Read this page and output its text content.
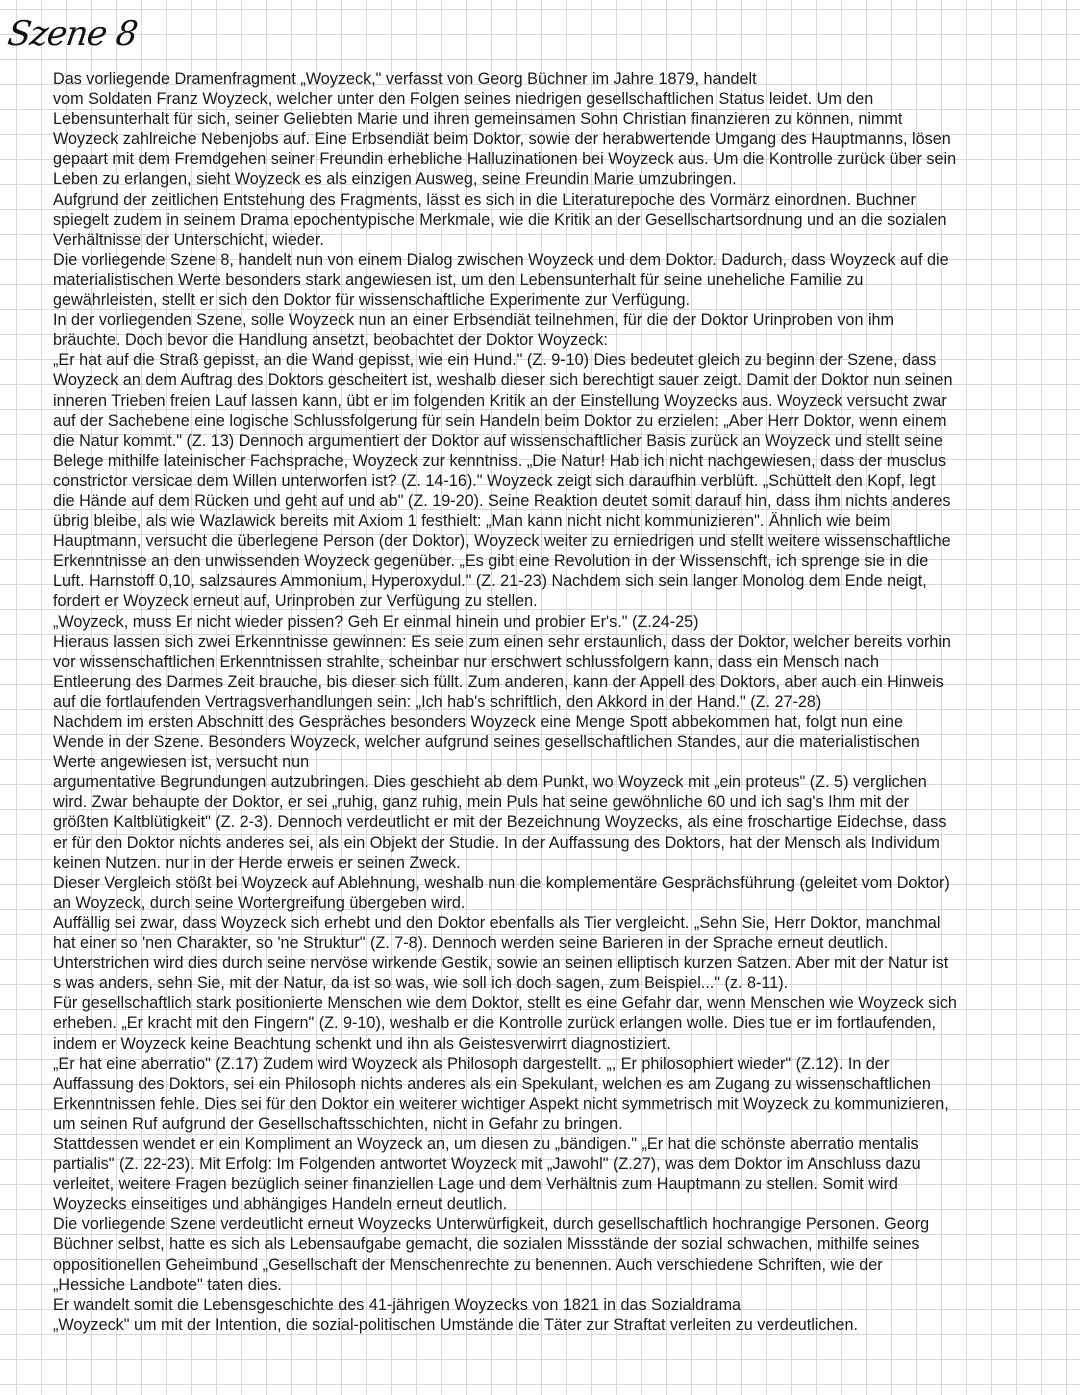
Szene 8
Das vorliegende Dramenfragment „Woyzeck," verfasst von Georg Büchner im Jahre 1879, handelt
vom Soldaten Franz Woyzeck, welcher unter den Folgen seines niedrigen gesellschaftlichen Status leidet. Um den
Lebensunterhalt für sich, seiner Geliebten Marie und ihren gemeinsamen Sohn Christian finanzieren zu können, nimmt
Woyzeck zahlreiche Nebenjobs auf. Eine Erbsendiät beim Doktor, sowie der herabwertende Umgang des Hauptmanns, lösen
gepaart mit dem Fremdgehen seiner Freundin erhebliche Halluzinationen bei Woyzeck aus. Um die Kontrolle zurück über sein
Leben zu erlangen, sieht Woyzeck es als einzigen Ausweg, seine Freundin Marie umzubringen.
Aufgrund der zeitlichen Entstehung des Fragments, lässt es sich in die Literaturepoche des Vormärz einordnen. Buchner
spiegelt zudem in seinem Drama epochentypische Merkmale, wie die Kritik an der Gesellschartsordnung und an die sozialen
Verhältnisse der Unterschicht, wieder.
Die vorliegende Szene 8, handelt nun von einem Dialog zwischen Woyzeck und dem Doktor. Dadurch, dass Woyzeck auf die
materialistischen Werte besonders stark angewiesen ist, um den Lebensunterhalt für seine uneheliche Familie zu
gewährleisten, stellt er sich den Doktor für wissenschaftliche Experimente zur Verfügung.
In der vorliegenden Szene, solle Woyzeck nun an einer Erbsendiät teilnehmen, für die der Doktor Urinproben von ihm
bräuchte. Doch bevor die Handlung ansetzt, beobachtet der Doktor Woyzeck:
„Er hat auf die Straß gepisst, an die Wand gepisst, wie ein Hund." (Z. 9-10) Dies bedeutet gleich zu beginn der Szene, dass
Woyzeck an dem Auftrag des Doktors gescheitert ist, weshalb dieser sich berechtigt sauer zeigt. Damit der Doktor nun seinen
inneren Trieben freien Lauf lassen kann, übt er im folgenden Kritik an der Einstellung Woyzecks aus. Woyzeck versucht zwar
auf der Sachebene eine logische Schlussfolgerung für sein Handeln beim Doktor zu erzielen: „Aber Herr Doktor, wenn einem
die Natur kommt." (Z. 13) Dennoch argumentiert der Doktor auf wissenschaftlicher Basis zurück an Woyzeck und stellt seine
Belege mithilfe lateinischer Fachsprache, Woyzeck zur kenntniss. „Die Natur! Hab ich nicht nachgewiesen, dass der musclus
constrictor versicae dem Willen unterworfen ist? (Z. 14-16)." Woyzeck zeigt sich daraufhin verblüft. „Schüttelt den Kopf, legt
die Hände auf dem Rücken und geht auf und ab" (Z. 19-20). Seine Reaktion deutet somit darauf hin, dass ihm nichts anderes
übrig bleibe, als wie Wazlawick bereits mit Axiom 1 festhielt: „Man kann nicht nicht kommunizieren". Ähnlich wie beim
Hauptmann, versucht die überlegene Person (der Doktor), Woyzeck weiter zu erniedrigen und stellt weitere wissenschaftliche
Erkenntnisse an den unwissenden Woyzeck gegenüber. „Es gibt eine Revolution in der Wissenschft, ich sprenge sie in die
Luft. Harnstoff 0,10, salzsaures Ammonium, Hyperoxydul." (Z. 21-23) Nachdem sich sein langer Monolog dem Ende neigt,
fordert er Woyzeck erneut auf, Urinproben zur Verfügung zu stellen.
„Woyzeck, muss Er nicht wieder pissen? Geh Er einmal hinein und probier Er's." (Z.24-25)
Hieraus lassen sich zwei Erkenntnisse gewinnen: Es seie zum einen sehr erstaunlich, dass der Doktor, welcher bereits vorhin
vor wissenschaftlichen Erkenntnissen strahlte, scheinbar nur erschwert schlussfolgern kann, dass ein Mensch nach
Entleerung des Darmes Zeit brauche, bis dieser sich füllt. Zum anderen, kann der Appell des Doktors, aber auch ein Hinweis
auf die fortlaufenden Vertragsverhandlungen sein: „Ich hab's schriftlich, den Akkord in der Hand." (Z. 27-28)
Nachdem im ersten Abschnitt des Gespräches besonders Woyzeck eine Menge Spott abbekommen hat, folgt nun eine
Wende in der Szene. Besonders Woyzeck, welcher aufgrund seines gesellschaftlichen Standes, aur die materialistischen
Werte angewiesen ist, versucht nun
argumentative Begrundungen autzubringen. Dies geschieht ab dem Punkt, wo Woyzeck mit „ein proteus" (Z. 5) verglichen
wird. Zwar behaupte der Doktor, er sei „ruhig, ganz ruhig, mein Puls hat seine gewöhnliche 60 und ich sag's Ihm mit der
größten Kaltblütigkeit" (Z. 2-3). Dennoch verdeutlicht er mit der Bezeichnung Woyzecks, als eine froschartige Eidechse, dass
er für den Doktor nichts anderes sei, als ein Objekt der Studie. In der Auffassung des Doktors, hat der Mensch als Individum
keinen Nutzen. nur in der Herde erweis er seinen Zweck.
Dieser Vergleich stößt bei Woyzeck auf Ablehnung, weshalb nun die komplementäre Gesprächsführung (geleitet vom Doktor)
an Woyzeck, durch seine Wortergreifung übergeben wird.
Auffällig sei zwar, dass Woyzeck sich erhebt und den Doktor ebenfalls als Tier vergleicht. „Sehn Sie, Herr Doktor, manchmal
hat einer so 'nen Charakter, so 'ne Struktur" (Z. 7-8). Dennoch werden seine Barieren in der Sprache erneut deutlich.
Unterstrichen wird dies durch seine nervöse wirkende Gestik, sowie an seinen elliptisch kurzen Satzen. Aber mit der Natur ist
s was anders, sehn Sie, mit der Natur, da ist so was, wie soll ich doch sagen, zum Beispiel..." (z. 8-11).
Für gesellschaftlich stark positionierte Menschen wie dem Doktor, stellt es eine Gefahr dar, wenn Menschen wie Woyzeck sich
erheben. „Er kracht mit den Fingern" (Z. 9-10), weshalb er die Kontrolle zurück erlangen wolle. Dies tue er im fortlaufenden,
indem er Woyzeck keine Beachtung schenkt und ihn als Geistesverwirrt diagnostiziert.
„Er hat eine aberratio" (Z.17) Zudem wird Woyzeck als Philosoph dargestellt. „, Er philosophiert wieder" (Z.12). In der
Auffassung des Doktors, sei ein Philosoph nichts anderes als ein Spekulant, welchen es am Zugang zu wissenschaftlichen
Erkenntnissen fehle. Dies sei für den Doktor ein weiterer wichtiger Aspekt nicht symmetrisch mit Woyzeck zu kommunizieren,
um seinen Ruf aufgrund der Gesellschaftsschichten, nicht in Gefahr zu bringen.
Stattdessen wendet er ein Kompliment an Woyzeck an, um diesen zu „bändigen." „Er hat die schönste aberratio mentalis
partialis" (Z. 22-23). Mit Erfolg: Im Folgenden antwortet Woyzeck mit „Jawohl" (Z.27), was dem Doktor im Anschluss dazu
verleitet, weitere Fragen bezüglich seiner finanziellen Lage und dem Verhältnis zum Hauptmann zu stellen. Somit wird
Woyzecks einseitiges und abhängiges Handeln erneut deutlich.
Die vorliegende Szene verdeutlicht erneut Woyzecks Unterwürfigkeit, durch gesellschaftlich hochrangige Personen. Georg
Büchner selbst, hatte es sich als Lebensaufgabe gemacht, die sozialen Missstände der sozial schwachen, mithilfe seines
oppositionellen Geheimbund „Gesellschaft der Menschenrechte zu benennen. Auch verschiedene Schriften, wie der
„Hessiche Landbote" taten dies.
Er wandelt somit die Lebensgeschichte des 41-jährigen Woyzecks von 1821 in das Sozialdrama
„Woyzeck" um mit der Intention, die sozial-politischen Umstände die Täter zur Straftat verleiten zu verdeutlichen.
